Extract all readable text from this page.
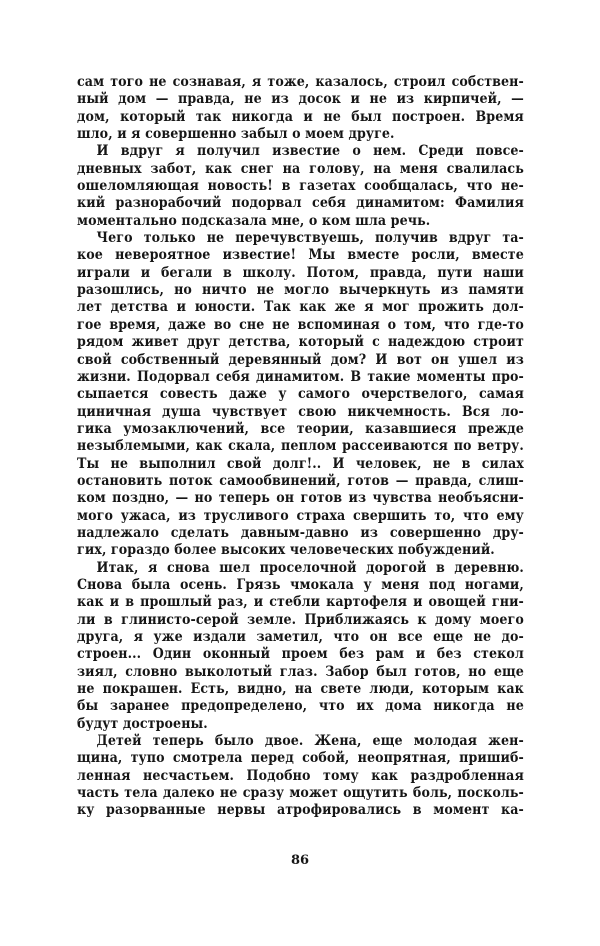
сам того не сознавая, я тоже, казалось, строил собствен-
ный дом — правда, не из досок и не из кирпичей, —
дом, который так никогда и не был построен. Время
шло, и я совершенно забыл о моем друге.
И вдруг я получил известие о нем. Среди повсе-
дневных забот, как снег на голову, на меня свалилась
ошеломляющая новость! в газетах сообщалась, что не-
кий разнорабочий подорвал себя динамитом: Фамилия
моментально подсказала мне, о ком шла речь.
Чего только не перечувствуешь, получив вдруг та-
кое невероятное известие! Мы вместе росли, вместе
играли и бегали в школу. Потом, правда, пути наши
разошлись, но ничто не могло вычеркнуть из памяти
лет детства и юности. Так как же я мог прожить дол-
гое время, даже во сне не вспоминая о том, что где-то
рядом живет друг детства, который с надеждою строит
свой собственный деревянный дом? И вот он ушел из
жизни. Подорвал себя динамитом. В такие моменты про-
сыпается совесть даже у самого очерствелого, самая
циничная душа чувствует свою никчемность. Вся ло-
гика умозаключений, все теории, казавшиеся прежде
незыблемыми, как скала, пеплом рассеиваются по ветру.
Ты не выполнил свой долг!.. И человек, не в силах
остановить поток самообвинений, готов — правда, слиш-
ком поздно, — но теперь он готов из чувства необъясни-
мого ужаса, из трусливого страха свершить то, что ему
надлежало сделать давным-давно из совершенно дру-
гих, гораздо более высоких человеческих побуждений.
Итак, я снова шел проселочной дорогой в деревню.
Снова была осень. Грязь чмокала у меня под ногами,
как и в прошлый раз, и стебли картофеля и овощей гни-
ли в глинисто-серой земле. Приближаясь к дому моего
друга, я уже издали заметил, что он все еще не до-
строен... Один оконный проем без рам и без стекол
зиял, словно выколотый глаз. Забор был готов, но еще
не покрашен. Есть, видно, на свете люди, которым как
бы заранее предопределено, что их дома никогда не
будут достроены.
Детей теперь было двое. Жена, еще молодая жен-
щина, тупо смотрела перед собой, неопрятная, пришиб-
ленная несчастьем. Подобно тому как раздробленная
часть тела далеко не сразу может ощутить боль, посколь-
ку разорванные нервы атрофировались в момент ка-
86
